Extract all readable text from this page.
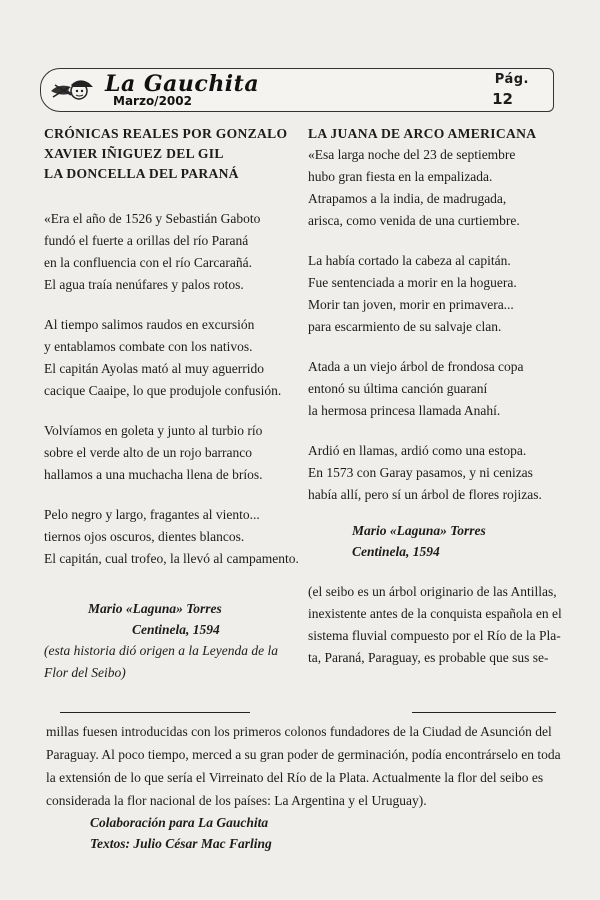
La Gauchita
Marzo/2002
Pág.
12
CRÓNICAS REALES POR GONZALO
XAVIER IÑIGUEZ DEL GIL
LA DONCELLA DEL PARANÁ
«Era el año de 1526 y Sebastián Gaboto
fundó el fuerte a orillas del río Paraná
en la confluencia con el río Carcarañá.
El agua traía nenúfares y palos rotos.
Al tiempo salimos raudos en excursión
y entablamos combate con los nativos.
El capitán Ayolas mató al muy aguerrido
cacique Caaipe, lo que produjole confusión.
Volvíamos en goleta y junto al turbio río
sobre el verde alto de un rojo barranco
hallamos a una muchacha llena de bríos.
Pelo negro y largo, fragantes al viento...
tiernos ojos oscuros, dientes blancos.
El capitán, cual trofeo, la llevó al campamento.
Mario «Laguna» Torres
Centinela, 1594
(esta historia dió origen a la Leyenda de la
Flor del Seibo)
LA JUANA DE ARCO AMERICANA
«Esa larga noche del 23 de septiembre
hubo gran fiesta en la empalizada.
Atrapamos a la india, de madrugada,
arisca, como venida de una curtiembre.
La había cortado la cabeza al capitán.
Fue sentenciada a morir en la hoguera.
Morir tan joven, morir en primavera...
para escarmiento de su salvaje clan.
Atada a un viejo árbol de frondosa copa
entonó su última canción guaraní
la hermosa princesa llamada Anahí.
Ardió en llamas, ardió como una estopa.
En 1573 con Garay pasamos, y ni cenizas
había allí, pero sí un árbol de flores rojizas.
Mario «Laguna» Torres
Centinela, 1594
(el seibo es un árbol originario de las Antillas,
inexistente antes de la conquista española en el
sistema fluvial compuesto por el Río de la Pla-
ta, Paraná, Paraguay, es probable que sus se-
millas fuesen introducidas con los primeros colonos fundadores de la Ciudad de Asunción del
Paraguay. Al poco tiempo, merced a su gran poder de germinación, podía encontrárselo en toda
la extensión de lo que sería el Virreinato del Río de la Plata. Actualmente la flor del seibo es
considerada la flor nacional de los países: La Argentina y el Uruguay).
Colaboración para La Gauchita
Textos: Julio César Mac Farling
